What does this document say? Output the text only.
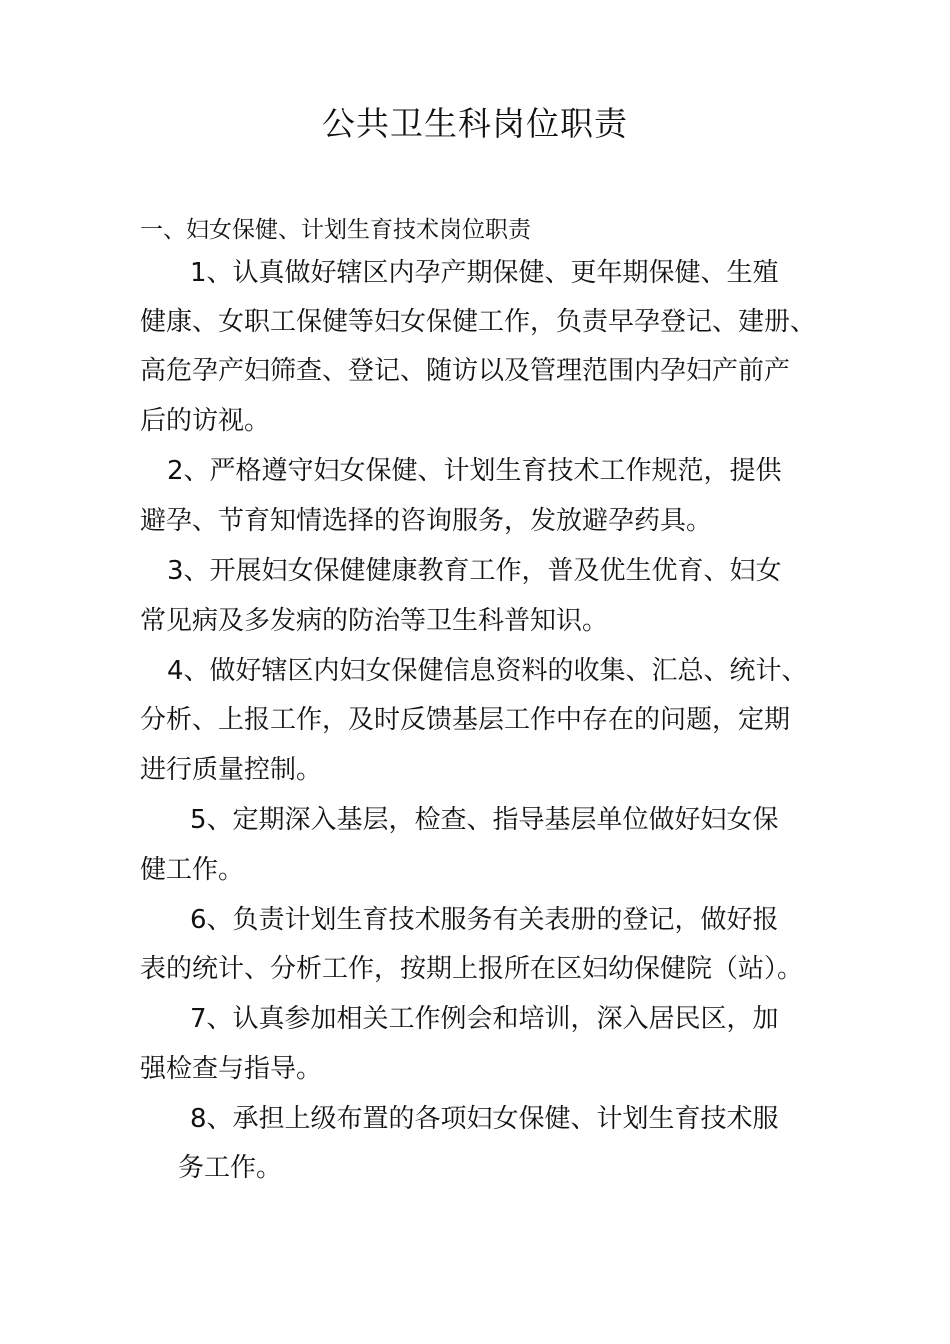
公共卫生科岗位职责
一、妇女保健、计划生育技术岗位职责
1、认真做好辖区内孕产期保健、更年期保健、生殖
健康、女职工保健等妇女保健工作，负责早孕登记、建册、
高危孕产妇筛查、登记、随访以及管理范围内孕妇产前产
后的访视。
2、严格遵守妇女保健、计划生育技术工作规范，提供
避孕、节育知情选择的咨询服务，发放避孕药具。
3、开展妇女保健健康教育工作，普及优生优育、妇女
常见病及多发病的防治等卫生科普知识。
4、做好辖区内妇女保健信息资料的收集、汇总、统计、
分析、上报工作，及时反馈基层工作中存在的问题，定期
进行质量控制。
5、定期深入基层，检查、指导基层单位做好妇女保
健工作。
6、负责计划生育技术服务有关表册的登记，做好报
表的统计、分析工作，按期上报所在区妇幼保健院（站）。
7、认真参加相关工作例会和培训，深入居民区，加
强检查与指导。
8、承担上级布置的各项妇女保健、计划生育技术服
务工作。
